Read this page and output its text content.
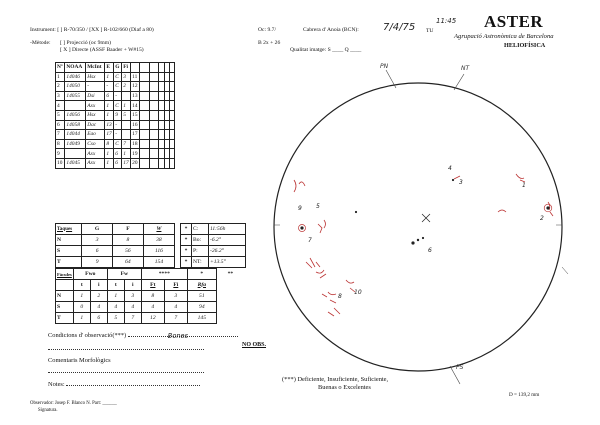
Instrument: [ ] R-70/350 / [XX ] R-102/660 (Diaf a 80)	Oc: 9.7/	Cabrera d' Anoia (BCN): 7/4/75 TU
11:45
-Mètode: [ ] Projecció (oc 9mm)
[ X ] Directe (ASSF Baader + W#15)
B 2x + 26
Qualitat imatge: S ____ Q ____
ASTER
Agrupació Astronòmica de Barcelona
HELIOFÍSICA
Nº	NOAA	McInt	E	G	Fi						
1	14046	Hsx	1	C	3	11					
2	14050	-	-	C	2	12					
3	14055	Dsi	6	-		13					
4		Axx	1	C	1	14					
5	14056	Hsx	1	9	5	15					
6	14058	Dac	13	-		16					
7	14044	Eao	17	-		17					
8	14049	Cso	8	C	7	18					
9		Axx	1	6	1	19					
10	14045	Axx	1	6	17	20					
Taques	G	F	W
N	3	8	38
S	6	56	116
T	9	64	154
*	C:	11:56h
*	Bo:	-6.2°
*	P:	-26.2°
*	NT:	+13.5°
Fàcules	Fwo		Fw		****		*	**
	t	i	t	i	Ft	Fi	Rfa	
N	1	2	1	3	8	3	51	
S	0	4	4	4	4	4	94	
T	1	6	5	7	12	7	145	
Condicions d' observació(***)	Bones
NO OBS.
Comentaris Morfològics
Notes:
Observador: Josep F. Blanco N. Part: ______
Signatura.
(***) Deficiente, Insuficiente, Suficiente,
Buenas o Excelentes
D = 139,2 mm
PN	NT
PS
1
2
3
4
5
6
7
8
9
10
